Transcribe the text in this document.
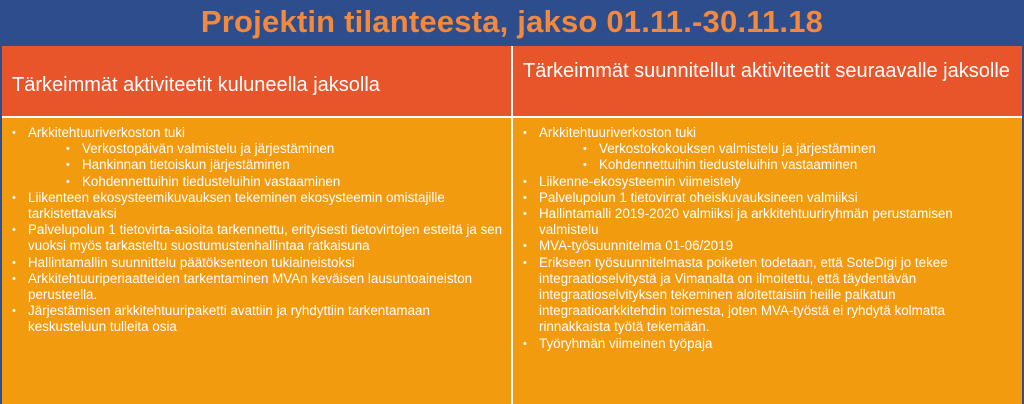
Projektin tilanteesta, jakso 01.11.-30.11.18
Tärkeimmät aktiviteetit kuluneella jaksolla
Tärkeimmät suunnitellut aktiviteetit seuraavalle jaksolle
• Arkkitehtuuriverkoston tuki
• Verkostopäivän valmistelu ja järjestäminen
• Hankinnan tietoiskun järjestäminen
• Kohdennettuihin tiedusteluihin vastaaminen
• Liikenteen ekosysteemikuvauksen tekeminen ekosysteemin omistajille tarkistettavaksi
• Palvelupolun 1 tietovirta-asioita tarkennettu, erityisesti tietovirtojen esteitä ja sen vuoksi myös tarkasteltu suostumustenhallintaa ratkaisuna
• Hallintamallin suunnittelu päätöksenteon tukiaineistoksi
• Arkkitehtuuriperiaatteiden tarkentaminen MVAn keväisen lausuntoaineiston perusteella.
• Järjestämisen arkkitehtuuripaketti avattiin ja ryhdyttiin tarkentamaan keskusteluun tulleita osia
• Arkkitehtuuriverkoston tuki
• Verkostokokouksen valmistelu ja järjestäminen
• Kohdennettuihin tiedusteluihin vastaaminen
• Liikenne-ekosysteemin viimeistely
• Palvelupolun 1 tietovirrat oheiskuvauksineen valmiiksi
• Hallintamalli 2019-2020 valmiiksi ja arkkitehtuuriryhmän perustamisen valmistelu
• MVA-työsuunnitelma 01-06/2019
• Erikseen työsuunnitelmasta poiketen todetaan, että SoteDigi jo tekee integraatioselvitystä ja Vimanalta on ilmoitettu, että täydentävän integraatioselvityksen tekeminen aloitettaisiin heille palkatun integraatioarkkitehdin toimesta, joten MVA-työstä ei ryhdytä kolmatta rinnakkaista työtä tekemään.
• Työryhmän viimeinen työpaja
